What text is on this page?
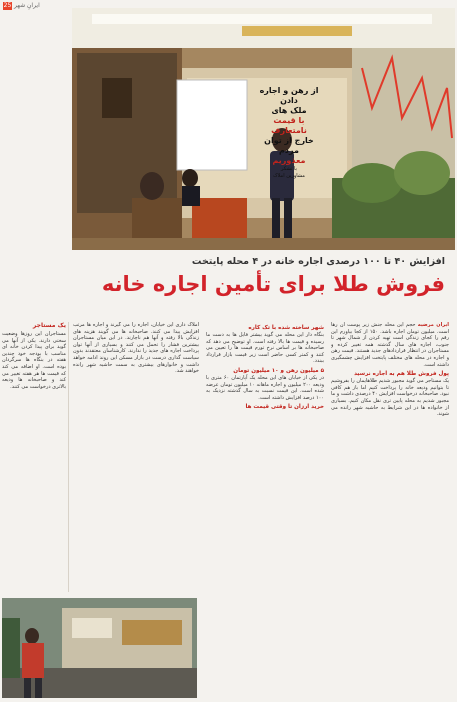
25 ایرانِ شهر
از رهن و اجاره دادن
ملک های
با قیمت نامتعارف
خارج از توان مردم
معذوریم
با تشکر
مشاورین املاک
افزایش ۴۰ تا ۱۰۰ درصدی اجاره خانه در ۴ محله پایتخت
فروش طلا برای تأمین اجاره خانه

ایران مرضیه حجم این محله جنش زیر پوست آن رها است. میلیون تومان اجاره باشد. ۱۵۰ از کجا بیاورم این رقم را کجای زندگی است تهیه کردن از شمال شهر تا جنوب، اجاره های سال گذشته همه تغییر کرده و مستاجران در انتظار قراردادهای جدید هستند. قیمت رهن و اجاره در محله های مختلف پایتخت افزایش چشمگیری داشته است.

پول فروش طلا هم به اجاره نرسید

یک مستاجر می گوید مجبور شدیم طلاهایمان را بفروشیم تا بتوانیم ودیعه خانه را پرداخت کنیم اما باز هم کافی نبود. صاحبخانه درخواست افزایش ۴۰ درصدی داشت و ما مجبور شدیم به محله پایین تری نقل مکان کنیم. بسیاری از خانواده ها در این شرایط به حاشیه شهر رانده می شوند.

شهر ساخته شده با تک کاره

بنگاه دار این محله می گوید بیشتر فایل ها به دست ما رسیده و قیمت ها بالا رفته است. او توضیح می دهد که صاحبخانه ها بر اساس نرخ تورم قیمت ها را تعیین می کنند و کمتر کسی حاضر است زیر قیمت بازار قرارداد ببندد.

۵ میلیون رهن و ۱۰ میلیون تومان

در یکی از خیابان های این محله یک آپارتمان ۶۰ متری با ودیعه ۲۰۰ میلیون و اجاره ماهانه ۱۰ میلیون تومان عرضه شده است. این قیمت نسبت به سال گذشته نزدیک به ۱۰۰ درصد افزایش داشته است.

خرید ارزان تا وقتی قیمت ها

املاک داری این خیابان، اجاره را می گیرند و اجاره ها مرتب افزایش پیدا می کنند. صاحبخانه ها می گویند هزینه های زندگی بالا رفته و آنها هم ناچارند. در این میان مستاجران بیشترین فشار را تحمل می کنند و بسیاری از آنها توان پرداخت اجاره های جدید را ندارند. کارشناسان معتقدند بدون سیاست گذاری درست در بازار مسکن این روند ادامه خواهد داشت و خانوارهای بیشتری به سمت حاشیه شهر رانده خواهند شد.

یک مستاجر

مستاجران این روزها وضعیت سختی دارند. یکی از آنها می گوید برای پیدا کردن خانه ای مناسب با بودجه خود چندین هفته در بنگاه ها سرگردان بوده است. او اضافه می کند که قیمت ها هر هفته تغییر می کند و صاحبخانه ها ودیعه بالاتری درخواست می کنند.
